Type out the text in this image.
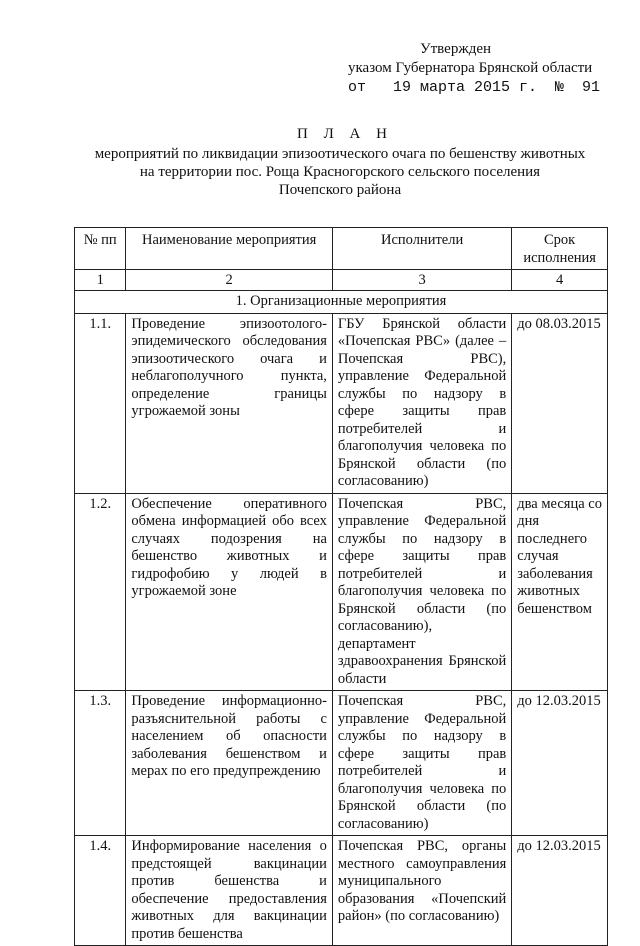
Утвержден
указом Губернатора Брянской области
от   19 марта 2015 г.  №  91
П Л А Н
мероприятий по ликвидации эпизоотического очага по бешенству животных
на территории пос. Роща Красногорского сельского поселения
Почепского района
№ пп	Наименование мероприятия	Исполнители	Срок исполнения
1	2	3	4
1. Организационные мероприятия			
1.1.	Проведение эпизоотолого-эпидемического обследования эпизоотического очага и неблагополучного пункта, определение границы угрожаемой зоны	ГБУ Брянской области «Почепская РВС» (далее – Почепская РВС), управление Федеральной службы по надзору в сфере защиты прав потребителей и благополучия человека по Брянской области (по согласованию)	до 08.03.2015
1.2.	Обеспечение оперативного обмена информацией обо всех случаях подозрения на бешенство животных и гидрофобию у людей в угрожаемой зоне	Почепская РВС, управление Федеральной службы по надзору в сфере защиты прав потребителей и благополучия человека по Брянской области (по согласованию), департамент здравоохранения Брянской области	два месяца со дня последнего случая заболевания животных бешенством
1.3.	Проведение информационно-разъяснительной работы с населением об опасности заболевания бешенством и мерах по его предупреждению	Почепская РВС, управление Федеральной службы по надзору в сфере защиты прав потребителей и благополучия человека по Брянской области (по согласованию)	до 12.03.2015
1.4.	Информирование населения о предстоящей вакцинации против бешенства и обеспечение предоставления животных для вакцинации против бешенства	Почепская РВС, органы местного самоуправления муниципального образования «Почепский район» (по согласованию)	до 12.03.2015
